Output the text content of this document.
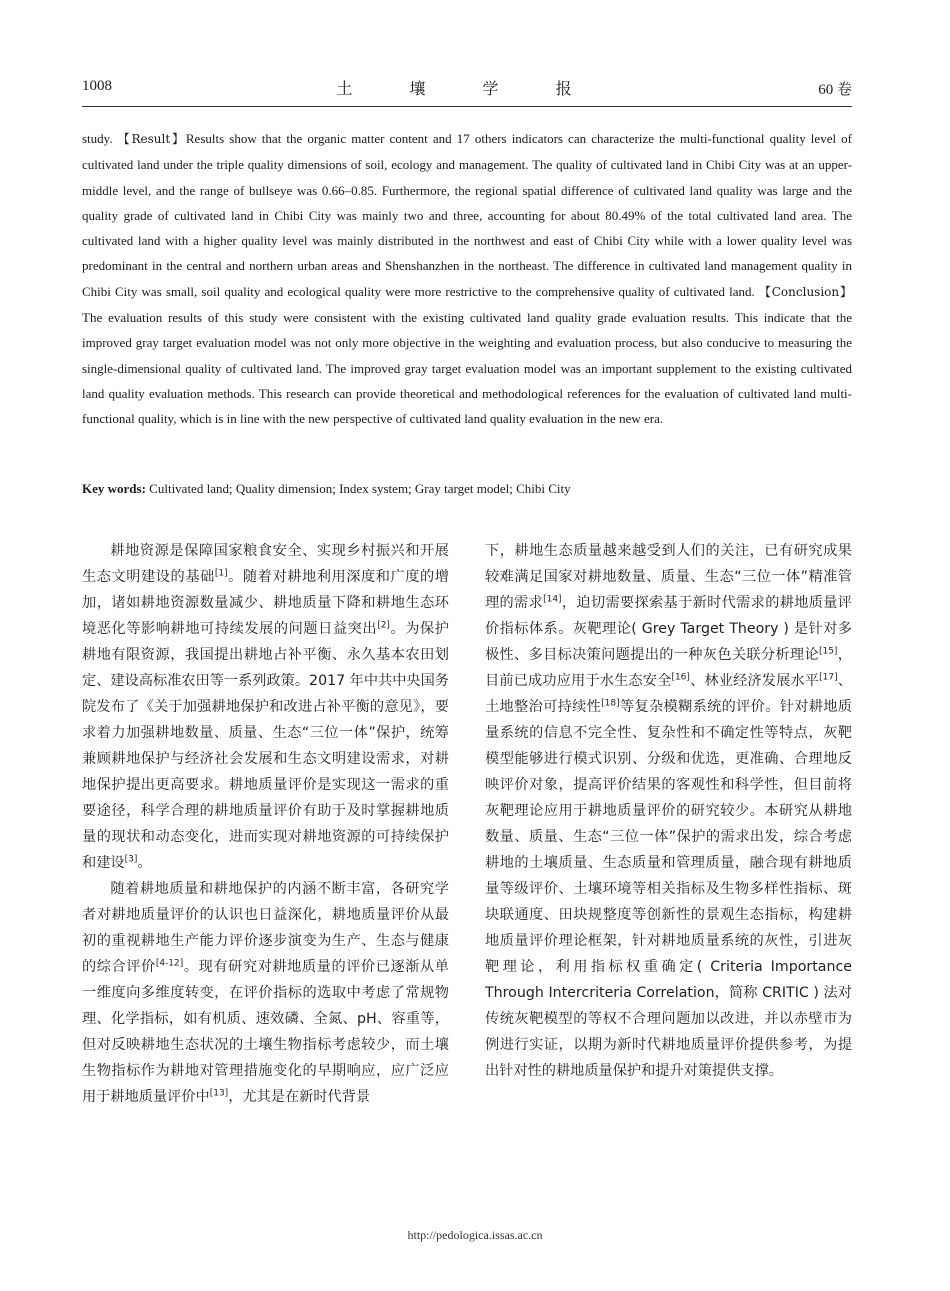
1008	土 壤 学 报	60 卷
study. 【Result】Results show that the organic matter content and 17 others indicators can characterize the multi-functional quality level of cultivated land under the triple quality dimensions of soil, ecology and management. The quality of cultivated land in Chibi City was at an upper-middle level, and the range of bullseye was 0.66–0.85. Furthermore, the regional spatial difference of cultivated land quality was large and the quality grade of cultivated land in Chibi City was mainly two and three, accounting for about 80.49% of the total cultivated land area. The cultivated land with a higher quality level was mainly distributed in the northwest and east of Chibi City while with a lower quality level was predominant in the central and northern urban areas and Shenshanzhen in the northeast. The difference in cultivated land management quality in Chibi City was small, soil quality and ecological quality were more restrictive to the comprehensive quality of cultivated land. 【Conclusion】The evaluation results of this study were consistent with the existing cultivated land quality grade evaluation results. This indicate that the improved gray target evaluation model was not only more objective in the weighting and evaluation process, but also conducive to measuring the single-dimensional quality of cultivated land. The improved gray target evaluation model was an important supplement to the existing cultivated land quality evaluation methods. This research can provide theoretical and methodological references for the evaluation of cultivated land multi-functional quality, which is in line with the new perspective of cultivated land quality evaluation in the new era.
Key words: Cultivated land; Quality dimension; Index system; Gray target model; Chibi City

耕地资源是保障国家粮食安全、实现乡村振兴和开展生态文明建设的基础[1]。随着对耕地利用深度和广度的增加，诸如耕地资源数量减少、耕地质量下降和耕地生态环境恶化等影响耕地可持续发展的问题日益突出[2]。为保护耕地有限资源，我国提出耕地占补平衡、永久基本农田划定、建设高标准农田等一系列政策。2017 年中共中央国务院发布了《关于加强耕地保护和改进占补平衡的意见》，要求着力加强耕地数量、质量、生态“三位一体”保护，统筹兼顾耕地保护与经济社会发展和生态文明建设需求，对耕地保护提出更高要求。耕地质量评价是实现这一需求的重要途径，科学合理的耕地质量评价有助于及时掌握耕地质量的现状和动态变化，进而实现对耕地资源的可持续保护和建设[3]。

随着耕地质量和耕地保护的内涵不断丰富，各研究学者对耕地质量评价的认识也日益深化，耕地质量评价从最初的重视耕地生产能力评价逐步演变为生产、生态与健康的综合评价[4-12]。现有研究对耕地质量的评价已逐渐从单一维度向多维度转变，在评价指标的选取中考虑了常规物理、化学指标，如有机质、速效磷、全氮、pH、容重等，但对反映耕地生态状况的土壤生物指标考虑较少，而土壤生物指标作为耕地对管理措施变化的早期响应，应广泛应用于耕地质量评价中[13]，尤其是在新时代背景

下，耕地生态质量越来越受到人们的关注，已有研究成果较难满足国家对耕地数量、质量、生态“三位一体”精准管理的需求[14]，迫切需要探索基于新时代需求的耕地质量评价指标体系。灰靶理论( Grey Target Theory ) 是针对多极性、多目标决策问题提出的一种灰色关联分析理论[15]，目前已成功应用于水生态安全[16]、林业经济发展水平[17]、土地整治可持续性[18]等复杂模糊系统的评价。针对耕地质量系统的信息不完全性、复杂性和不确定性等特点，灰靶模型能够进行模式识别、分级和优选，更准确、合理地反映评价对象，提高评价结果的客观性和科学性，但目前将灰靶理论应用于耕地质量评价的研究较少。本研究从耕地数量、质量、生态“三位一体”保护的需求出发，综合考虑耕地的土壤质量、生态质量和管理质量，融合现有耕地质量等级评价、土壤环境等相关指标及生物多样性指标、斑块联通度、田块规整度等创新性的景观生态指标，构建耕地质量评价理论框架，针对耕地质量系统的灰性，引进灰靶理论，利用指标权重确定( Criteria Importance Through Intercriteria Correlation，简称 CRITIC ) 法对传统灰靶模型的等权不合理问题加以改进，并以赤壁市为例进行实证，以期为新时代耕地质量评价提供参考，为提出针对性的耕地质量保护和提升对策提供支撑。

http://pedologica.issas.ac.cn
